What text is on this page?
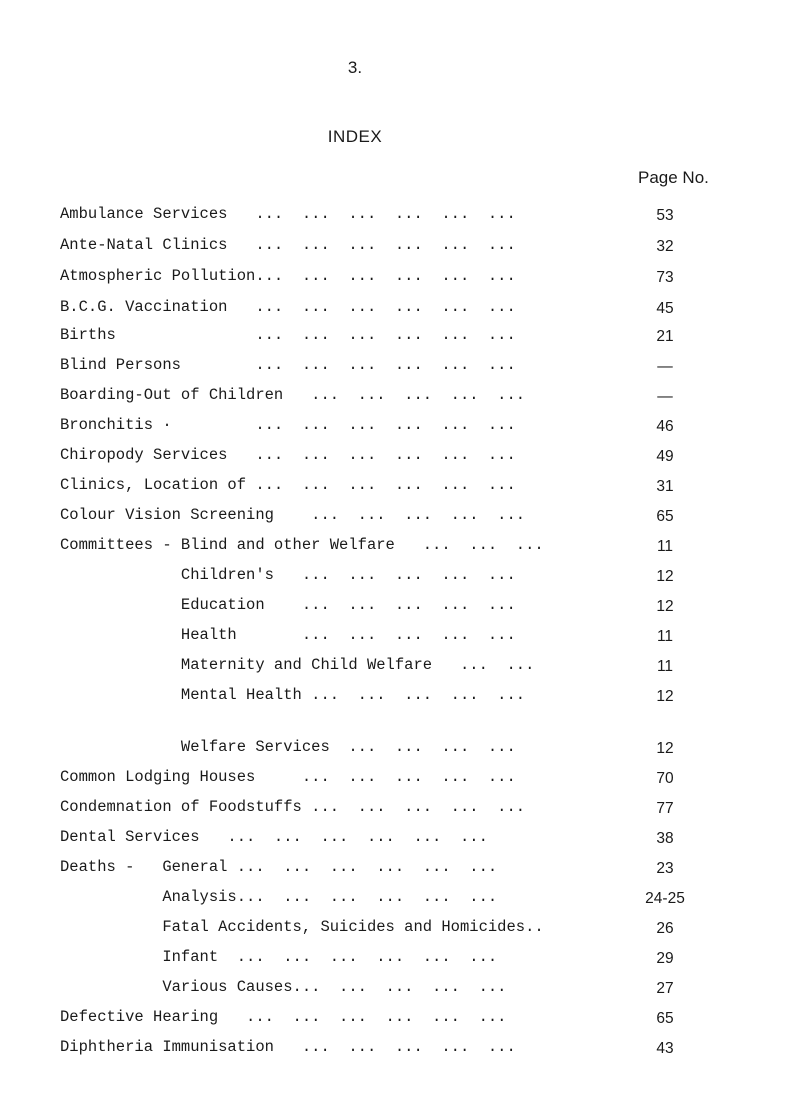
3.
INDEX
Page No.
Ambulance Services   ...  ...  ...  ...  ...  ...	53
Ante-Natal Clinics   ...  ...  ...  ...  ...  ...	32
Atmospheric Pollution...  ...  ...  ...  ...  ...	73
B.C.G. Vaccination   ...  ...  ...  ...  ...  ...	45
Births               ...  ...  ...  ...  ...  ...	21
Blind Persons        ...  ...  ...  ...  ...  ...	—
Boarding-Out of Children   ...  ...  ...  ...  ...	—
Bronchitis ·         ...  ...  ...  ...  ...  ...	46
Chiropody Services   ...  ...  ...  ...  ...  ...	49
Clinics, Location of ...  ...  ...  ...  ...  ...	31
Colour Vision Screening    ...  ...  ...  ...  ...	65
Committees - Blind and other Welfare   ...  ...  ...	11
Children's   ...  ...  ...  ...  ...	12
Education    ...  ...  ...  ...  ...	12
Health       ...  ...  ...  ...  ...	11
Maternity and Child Welfare   ...  ...	11
Mental Health ...  ...  ...  ...  ...	12
Welfare Services  ...  ...  ...  ...	12
Common Lodging Houses     ...  ...  ...  ...  ...	70
Condemnation of Foodstuffs ...  ...  ...  ...  ...	77
Dental Services   ...  ...  ...  ...  ...  ...	38
Deaths -   General ...  ...  ...  ...  ...  ...	23
Analysis...  ...  ...  ...  ...  ...	24-25
Fatal Accidents, Suicides and Homicides..	26
Infant  ...  ...  ...  ...  ...  ...	29
Various Causes...  ...  ...  ...  ...	27
Defective Hearing   ...  ...  ...  ...  ...  ...	65
Diphtheria Immunisation   ...  ...  ...  ...  ...	43
